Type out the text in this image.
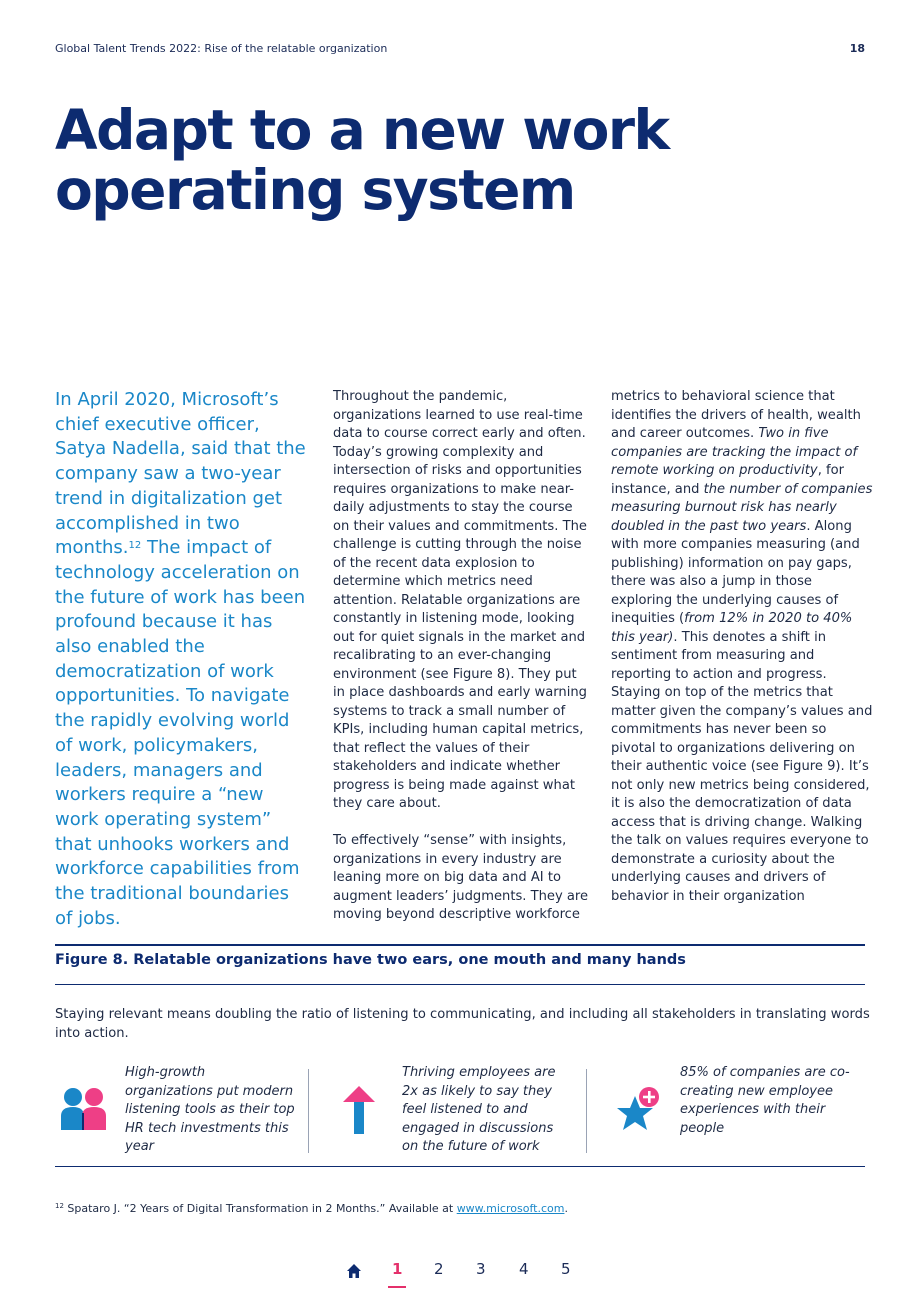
Global Talent Trends 2022: Rise of the relatable organization	18
Adapt to a new work
operating system
In April 2020, Microsoft’s chief executive officer, Satya Nadella, said that the company saw a two-year trend in digitalization get accomplished in two months.$^{12}$ The impact of technology acceleration on the future of work has been profound because it has also enabled the democratization of work opportunities. To navigate the rapidly evolving world of work, policymakers, leaders, managers and workers require a “new work operating system” that unhooks workers and workforce capabilities from the traditional boundaries of jobs.

Throughout the pandemic, organizations learned to use real-time data to course correct early and often. Today’s growing complexity and intersection of risks and opportunities requires organizations to make near-daily adjustments to stay the course on their values and commitments. The challenge is cutting through the noise of the recent data explosion to determine which metrics need attention. Relatable organizations are constantly in listening mode, looking out for quiet signals in the market and recalibrating to an ever-changing environment (see Figure 8). They put in place dashboards and early warning systems to track a small number of KPIs, including human capital metrics, that reflect the values of their stakeholders and indicate whether progress is being made against what they care about.

To effectively “sense” with insights, organizations in every industry are leaning more on big data and AI to augment leaders’ judgments. They are moving beyond descriptive workforce

metrics to behavioral science that identifies the drivers of health, wealth and career outcomes. Two in five companies are tracking the impact of remote working on productivity, for instance, and the number of companies measuring burnout risk has nearly doubled in the past two years. Along with more companies measuring (and publishing) information on pay gaps, there was also a jump in those exploring the underlying causes of inequities (from 12% in 2020 to 40% this year). This denotes a shift in sentiment from measuring and reporting to action and progress. Staying on top of the metrics that matter given the company’s values and commitments has never been so pivotal to organizations delivering on their authentic voice (see Figure 9). It’s not only new metrics being considered, it is also the democratization of data access that is driving change. Walking the talk on values requires everyone to demonstrate a curiosity about the underlying causes and drivers of behavior in their organization

Figure 8. Relatable organizations have two ears, one mouth and many hands
Staying relevant means doubling the ratio of listening to communicating, and including all stakeholders in translating words into action.
High-growth organizations put modern listening tools as their top HR tech investments this year
Thriving employees are 2x as likely to say they feel listened to and engaged in discussions on the future of work
85% of companies are co-creating new employee experiences with their people
$^{12}$ Spataro J. “2 Years of Digital Transformation in 2 Months.” Available at www.microsoft.com.
1 2 3 4 5
